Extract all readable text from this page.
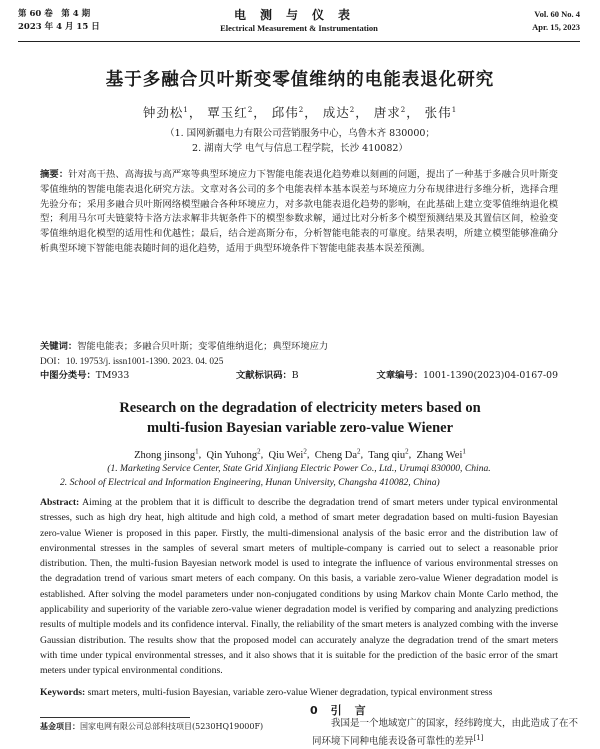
第 60 卷　第 4 期
2023 年 4 月 15 日
电测与仪表
Electrical Measurement & Instrumentation
Vol. 60 No. 4
Apr. 15, 2023
基于多融合贝叶斯变零值维纳的电能表退化研究
钟劲松$^1$， 覃玉红$^2$， 邱伟$^2$， 成达$^2$， 唐求$^2$， 张伟$^1$
（1. 国网新疆电力有限公司营销服务中心，乌鲁木齐 830000；
2. 湖南大学 电气与信息工程学院，长沙 410082）
摘要：针对高干热、高海拔与高严寒等典型环境应力下智能电能表退化趋势难以刻画的问题，提出了一种基于多融合贝叶斯变零值维纳的智能电能表退化研究方法。文章对各公司的多个电能表样本基本误差与环境应力分布规律进行多维分析，选择合理先验分布；采用多融合贝叶斯网络模型融合各种环境应力，对多款电能表退化趋势的影响，在此基础上建立变零值维纳退化模型；利用马尔可夫链蒙特卡洛方法求解非共轭条件下的模型参数求解，通过比对分析多个模型预测结果及其置信区间，检验变零值维纳退化模型的适用性和优越性；最后，结合逆高斯分布，分析智能电能表的可靠度。结果表明，所建立模型能够准确分析典型环境下智能电能表随时间的退化趋势，适用于典型环境条件下智能电能表基本误差预测。
关键词：智能电能表；多融合贝叶斯；变零值维纳退化；典型环境应力
DOI：10. 19753/j. issn1001-1390. 2023. 04. 025
中图分类号：TM933	文献标识码：B	文章编号：1001-1390(2023)04-0167-09
Research on the degradation of electricity meters based on
multi-fusion Bayesian variable zero-value Wiener
Zhong jinsong$^1$,  Qin Yuhong$^2$,  Qiu Wei$^2$,  Cheng Da$^2$,  Tang qiu$^2$,  Zhang Wei$^1$
(1. Marketing Service Center, State Grid Xinjiang Electric Power Co., Ltd., Urumqi 830000, China.
2. School of Electrical and Information Engineering, Hunan University, Changsha 410082, China)
Abstract: Aiming at the problem that it is difficult to describe the degradation trend of smart meters under typical environmental stresses, such as high dry heat, high altitude and high cold, a method of smart meter degradation based on multi-fusion Bayesian zero-value Wiener is proposed in this paper. Firstly, the multi-dimensional analysis of the basic error and the distribution law of environmental stresses in the samples of several smart meters of multiple-company is carried out to select a reasonable prior distribution. Then, the multi-fusion Bayesian network model is used to integrate the influence of various environmental stresses on the degradation trend of various smart meters of each company. On this basis, a variable zero-value Wiener degradation model is established. After solving the model parameters under non-conjugated conditions by using Markov chain Monte Carlo method, the applicability and superiority of the variable zero-value wiener degradation model is verified by comparing and analyzing predictions results of multiple models and its confidence interval. Finally, the reliability of the smart meters is analyzed combing with the inverse Gaussian distribution. The results show that the proposed model can accurately analyze the degradation trend of the smart meters with time under typical environmental stresses, and it also shows that it is suitable for the prediction of the basic error of the smart meters under typical environmental conditions.
Keywords: smart meters, multi-fusion Bayesian, variable zero-value Wiener degradation, typical environment stress
0　引　言
我国是一个地域宽广的国家，经纬跨度大，由此造成了在不同环境下同种电能表设备可靠性的差异[1]
基金项目：国家电网有限公司总部科技项目(5230HQ19000F)
